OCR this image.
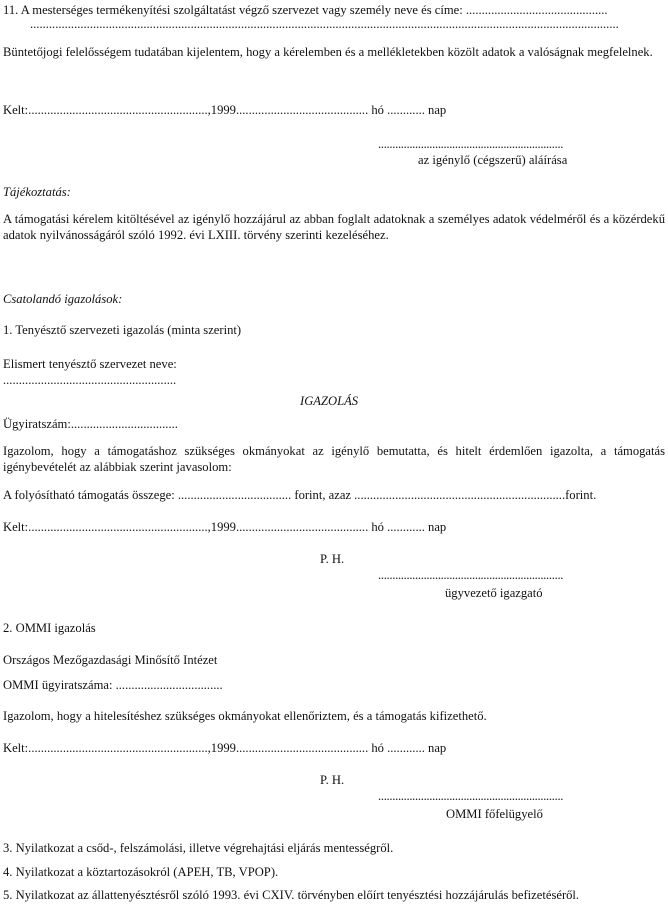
11. A mesterséges termékenyítési szolgáltatást végző szervezet vagy személy neve és címe: .............................................
...........................................................................................................................................................................................
Büntetőjogi felelősségem tudatában kijelentem, hogy a kérelemben és a mellékletekben közölt adatok a valóságnak megfelelnek.
Kelt:.........................................................,1999.......................................... hó ............ nap
.................................................................
az igénylő (cégszerű) aláírása
Tájékoztatás:
A támogatási kérelem kitöltésével az igénylő hozzájárul az abban foglalt adatoknak a személyes adatok védelméről és a közérdekű adatok nyilvánosságáról szóló 1992. évi LXIII. törvény szerinti kezeléséhez.
Csatolandó igazolások:
1. Tenyésztő szervezeti igazolás (minta szerint)
Elismert tenyésztő szervezet neve:
.......................................................
IGAZOLÁS
Ügyiratszám:..................................
Igazolom, hogy a támogatáshoz szükséges okmányokat az igénylő bemutatta, és hitelt érdemlően igazolta, a támogatás igénybevételét az alábbiak szerint javasolom:
A folyósítható támogatás összege: .................................... forint, azaz ...................................................................forint.
Kelt:.........................................................,1999.......................................... hó ............ nap
P. H.
.................................................................
ügyvezető igazgató
2. OMMI igazolás
Országos Mezőgazdasági Minősítő Intézet
OMMI ügyiratszáma: ..................................
Igazolom, hogy a hitelesítéshez szükséges okmányokat ellenőriztem, és a támogatás kifizethető.
Kelt:.........................................................,1999.......................................... hó ............ nap
P. H.
.................................................................
OMMI főfelügyelő
3. Nyilatkozat a csőd-, felszámolási, illetve végrehajtási eljárás mentességről.
4. Nyilatkozat a köztartozásokról (APEH, TB, VPOP).
5. Nyilatkozat az állattenyésztésről szóló 1993. évi CXIV. törvényben előírt tenyésztési hozzájárulás befizetéséről.
